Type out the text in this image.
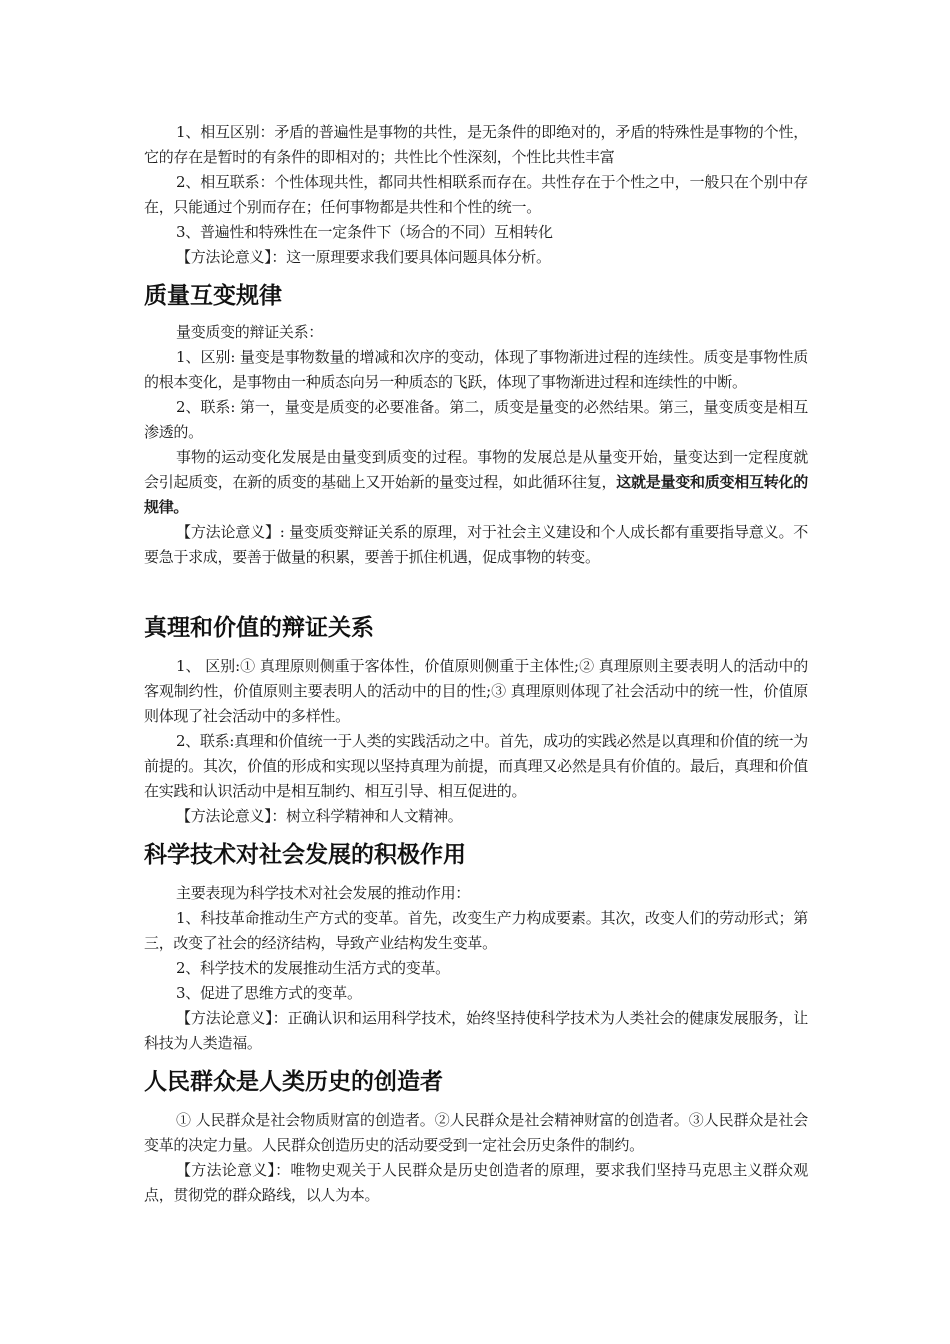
1、相互区别：矛盾的普遍性是事物的共性，是无条件的即绝对的，矛盾的特殊性是事物的个性，它的存在是暂时的有条件的即相对的；共性比个性深刻，个性比共性丰富

2、相互联系：个性体现共性，都同共性相联系而存在。共性存在于个性之中，一般只在个别中存在，只能通过个别而存在；任何事物都是共性和个性的统一。

3、普遍性和特殊性在一定条件下（场合的不同）互相转化

【方法论意义】：这一原理要求我们要具体问题具体分析。

质量互变规律

量变质变的辩证关系：

1、区别: 量变是事物数量的增减和次序的变动，体现了事物渐进过程的连续性。质变是事物性质的根本变化，是事物由一种质态向另一种质态的飞跃，体现了事物渐进过程和连续性的中断。

2、联系: 第一，量变是质变的必要准备。第二，质变是量变的必然结果。第三，量变质变是相互渗透的。

事物的运动变化发展是由量变到质变的过程。事物的发展总是从量变开始，量变达到一定程度就会引起质变，在新的质变的基础上又开始新的量变过程，如此循环往复，这就是量变和质变相互转化的规律。

【方法论意义】: 量变质变辩证关系的原理，对于社会主义建设和个人成长都有重要指导意义。不要急于求成，要善于做量的积累，要善于抓住机遇，促成事物的转变。

真理和价值的辩证关系

1、 区别:① 真理原则侧重于客体性，价值原则侧重于主体性;② 真理原则主要表明人的活动中的客观制约性，价值原则主要表明人的活动中的目的性;③ 真理原则体现了社会活动中的统一性，价值原则体现了社会活动中的多样性。

2、联系:真理和价值统一于人类的实践活动之中。首先，成功的实践必然是以真理和价值的统一为前提的。其次，价值的形成和实现以坚持真理为前提，而真理又必然是具有价值的。最后，真理和价值在实践和认识活动中是相互制约、相互引导、相互促进的。

【方法论意义】：树立科学精神和人文精神。

科学技术对社会发展的积极作用

主要表现为科学技术对社会发展的推动作用：

1、科技革命推动生产方式的变革。首先，改变生产力构成要素。其次，改变人们的劳动形式；第三，改变了社会的经济结构，导致产业结构发生变革。

2、科学技术的发展推动生活方式的变革。

3、促进了思维方式的变革。

【方法论意义】：正确认识和运用科学技术，始终坚持使科学技术为人类社会的健康发展服务，让科技为人类造福。

人民群众是人类历史的创造者

① 人民群众是社会物质财富的创造者。②人民群众是社会精神财富的创造者。③人民群众是社会变革的决定力量。人民群众创造历史的活动要受到一定社会历史条件的制约。

【方法论意义】：唯物史观关于人民群众是历史创造者的原理，要求我们坚持马克思主义群众观点，贯彻党的群众路线，以人为本。
